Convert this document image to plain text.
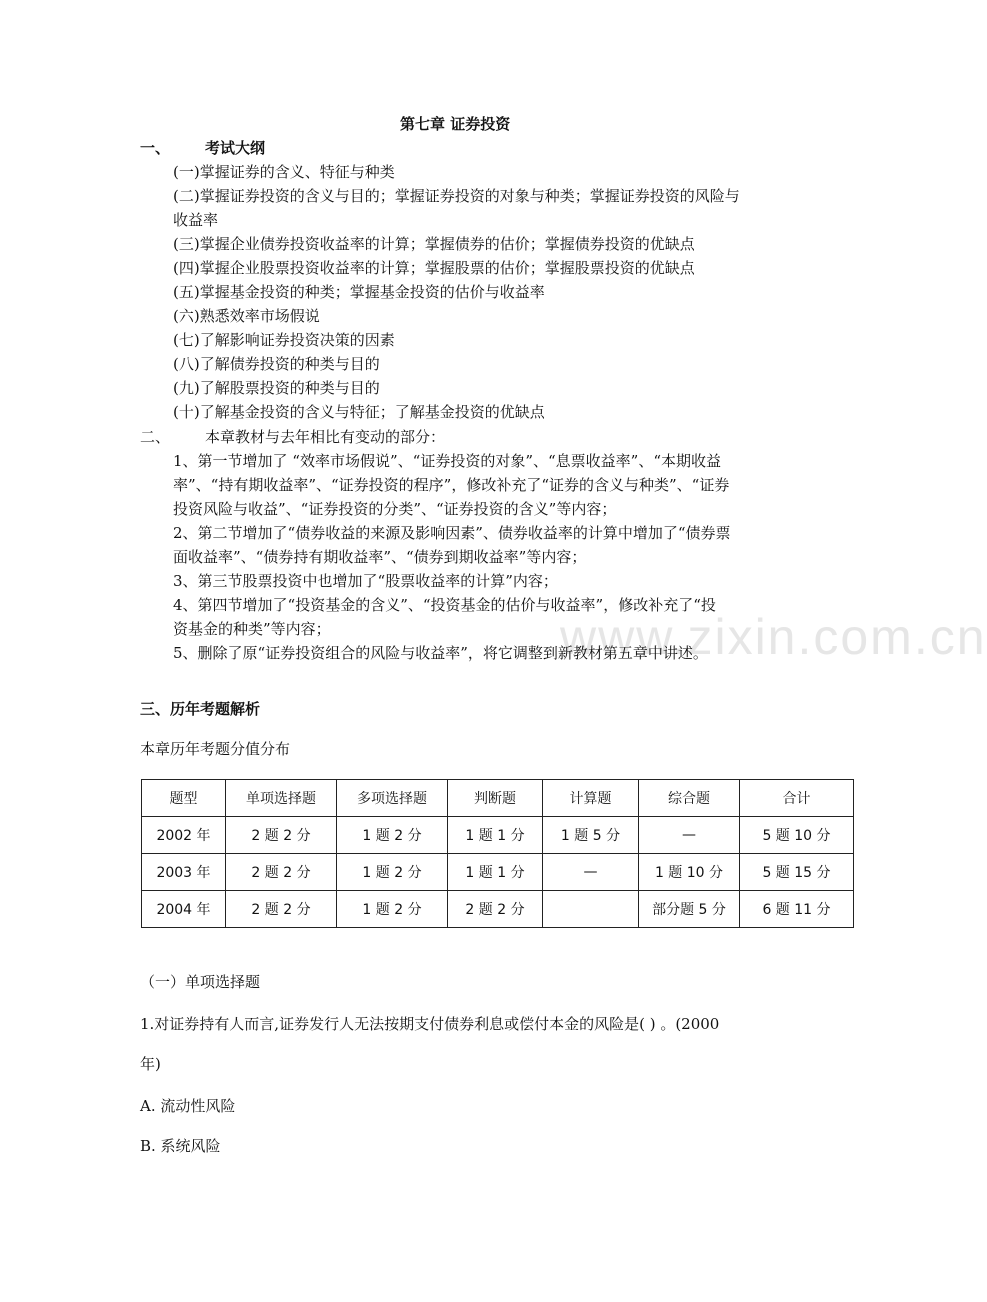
www.zixin.com.cn
第七章 证券投资
一、 考试大纲
(一)掌握证券的含义、特征与种类
(二)掌握证券投资的含义与目的；掌握证券投资的对象与种类；掌握证券投资的风险与
收益率
(三)掌握企业债券投资收益率的计算；掌握债券的估价；掌握债券投资的优缺点
(四)掌握企业股票投资收益率的计算；掌握股票的估价；掌握股票投资的优缺点
(五)掌握基金投资的种类；掌握基金投资的估价与收益率
(六)熟悉效率市场假说
(七)了解影响证券投资决策的因素
(八)了解债券投资的种类与目的
(九)了解股票投资的种类与目的
(十)了解基金投资的含义与特征；了解基金投资的优缺点
二、 本章教材与去年相比有变动的部分：
1、第一节增加了 “效率市场假说”、“证券投资的对象”、“息票收益率”、“本期收益
率”、“持有期收益率”、“证券投资的程序”，修改补充了“证券的含义与种类”、“证券
投资风险与收益”、“证券投资的分类”、“证券投资的含义”等内容；
2、第二节增加了“债券收益的来源及影响因素”、债券收益率的计算中增加了“债券票
面收益率”、“债券持有期收益率”、“债券到期收益率”等内容；
3、第三节股票投资中也增加了“股票收益率的计算”内容；
4、第四节增加了“投资基金的含义”、“投资基金的估价与收益率”，修改补充了“投
资基金的种类”等内容；
5、删除了原“证券投资组合的风险与收益率”，将它调整到新教材第五章中讲述。
三、历年考题解析
本章历年考题分值分布
题型	单项选择题	多项选择题	判断题	计算题	综合题	合计
2002 年	2 题 2 分	1 题 2 分	1 题 1 分	1 题 5 分	—	5 题 10 分
2003 年	2 题 2 分	1 题 2 分	1 题 1 分	—	1 题 10 分	5 题 15 分
2004 年	2 题 2 分	1 题 2 分	2 题 2 分		部分题 5 分	6 题 11 分
（一）单项选择题
1.对证券持有人而言,证券发行人无法按期支付债券利息或偿付本金的风险是( ) 。(2000
年)
A. 流动性风险
B. 系统风险
